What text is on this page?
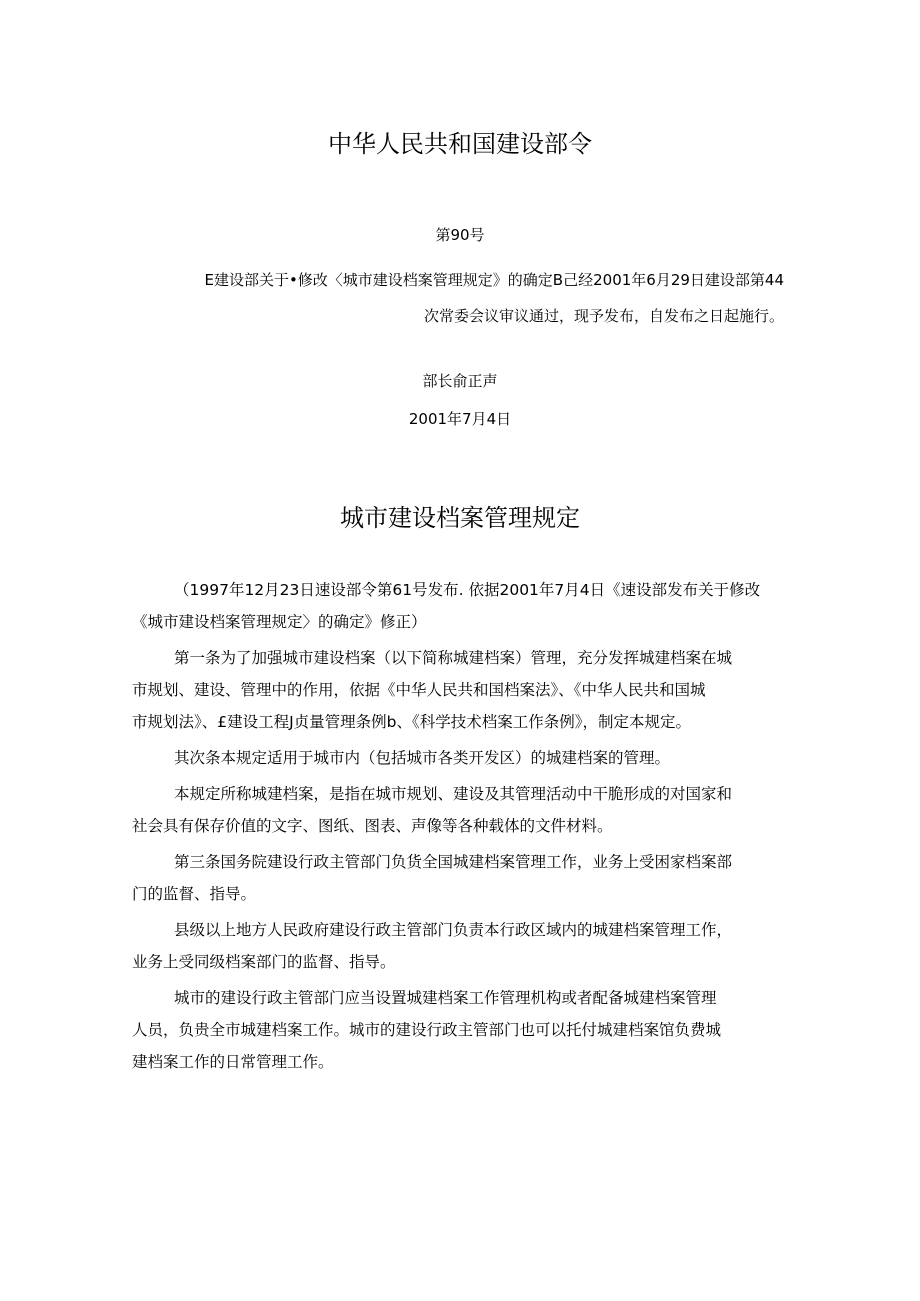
中华人民共和国建设部令
第90号
E建设部关于•修改〈城市建设档案管理规定》的确定B己经2001年6月29日建设部第44
次常委会议审议通过，现予发布，自发布之日起施行。
部长俞正声
2001年7月4日
城市建设档案管理规定
（1997年12月23日速设部令第61号发布. 依据2001年7月4日《速设部发布关于修改
《城市建设档案管理规定〉的确定》修正）
第一条为了加强城市建设档案（以下简称城建档案）管理，充分发挥城建档案在城
市规划、建设、管理中的作用，依据《中华人民共和国档案法》、《中华人民共和国城
市规划法》、£建设工程J贞量管理条例b、《科学技术档案工作条例》，制定本规定。
其次条本规定适用于城市内（包括城市各类开发区）的城建档案的管理。
本规定所称城建档案，是指在城市规划、建设及其管理活动中干脆形成的对国家和
社会具有保存价值的文字、图纸、图表、声像等各种载体的文件材料。
第三条国务院建设行政主管部门负货全国城建档案管理工作，业务上受困家档案部
门的监督、指导。
县级以上地方人民政府建设行政主管部门负责本行政区域内的城建档案管理工作，
业务上受同级档案部门的监督、指导。
城市的建设行政主管部门应当设置城建档案工作管理机构或者配备城建档案管理
人员，负贵全市城建档案工作。城市的建设行政主管部门也可以托付城建档案馆负费城
建档案工作的日常管理工作。
